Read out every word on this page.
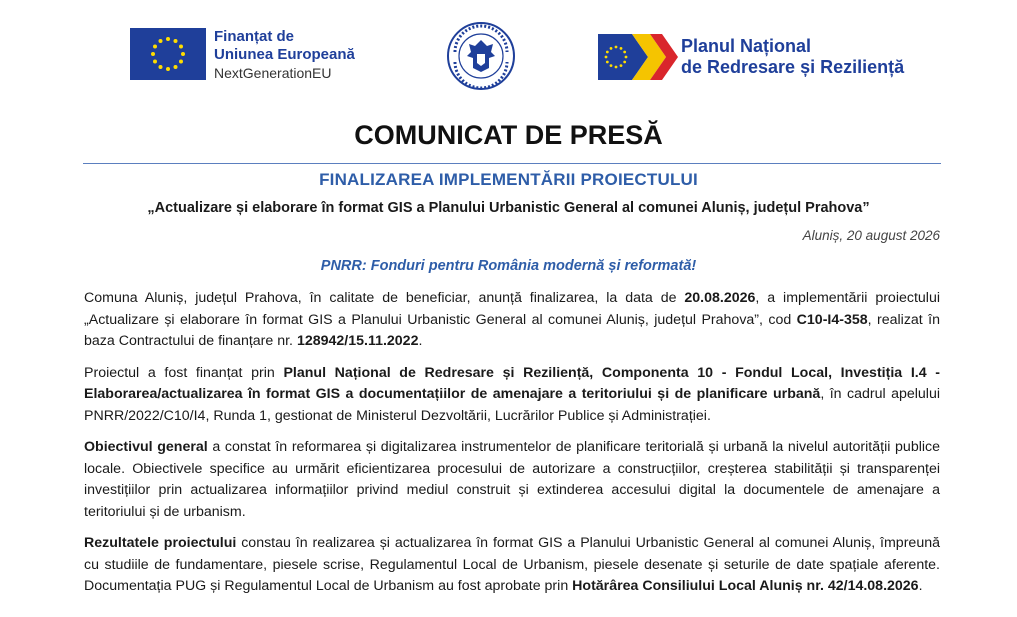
Finanțat de
Uniunea Europeană
NextGenerationEU
Planul Național
de Redresare și Reziliență
COMUNICAT DE PRESĂ
FINALIZAREA IMPLEMENTĂRII PROIECTULUI
„Actualizare și elaborare în format GIS a Planului Urbanistic General al comunei Aluniș, județul Prahova”
Aluniș, 20 august 2026
PNRR: Fonduri pentru România modernă și reformată!

Comuna Aluniș, județul Prahova, în calitate de beneficiar, anunță finalizarea, la data de 20.08.2026, a implementării proiectului „Actualizare și elaborare în format GIS a Planului Urbanistic General al comunei Aluniș, județul Prahova”, cod C10-I4-358, realizat în baza Contractului de finanțare nr. 128942/15.11.2022.

Proiectul a fost finanțat prin Planul Național de Redresare și Reziliență, Componenta 10 - Fondul Local, Investiția I.4 - Elaborarea/actualizarea în format GIS a documentațiilor de amenajare a teritoriului și de planificare urbană, în cadrul apelului PNRR/2022/C10/I4, Runda 1, gestionat de Ministerul Dezvoltării, Lucrărilor Publice și Administrației.

Obiectivul general a constat în reformarea și digitalizarea instrumentelor de planificare teritorială și urbană la nivelul autorității publice locale. Obiectivele specifice au urmărit eficientizarea procesului de autorizare a construcțiilor, creșterea stabilității și transparenței investițiilor prin actualizarea informațiilor privind mediul construit și extinderea accesului digital la documentele de amenajare a teritoriului și de urbanism.

Rezultatele proiectului constau în realizarea și actualizarea în format GIS a Planului Urbanistic General al comunei Aluniș, împreună cu studiile de fundamentare, piesele scrise, Regulamentul Local de Urbanism, piesele desenate și seturile de date spațiale aferente. Documentația PUG și Regulamentul Local de Urbanism au fost aprobate prin Hotărârea Consiliului Local Aluniș nr. 42/14.08.2026.
